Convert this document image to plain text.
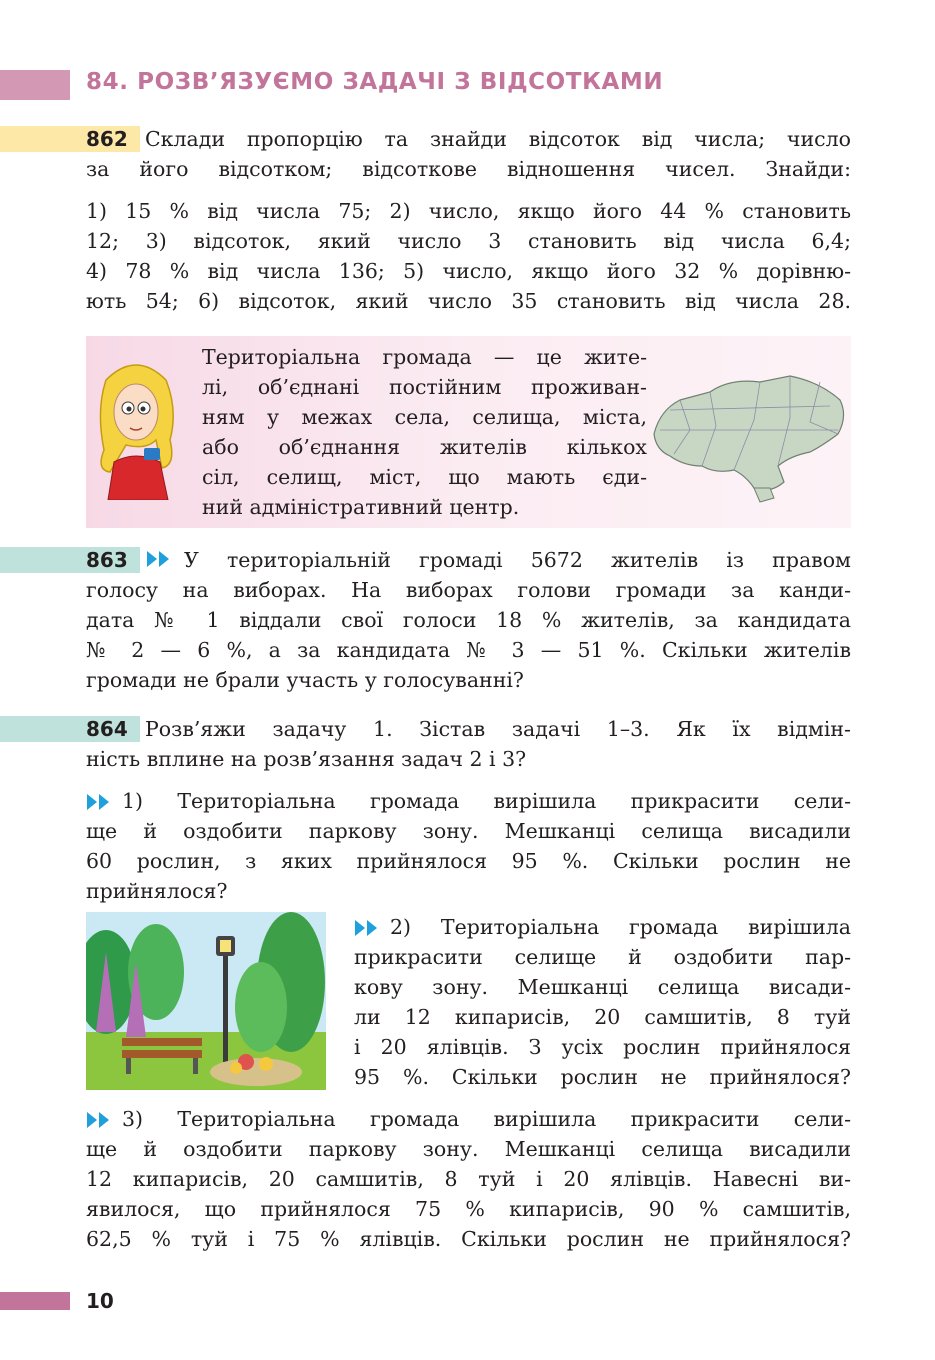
84. РОЗВ’ЯЗУЄМО ЗАДАЧІ З ВІДСОТКАМИ
862 Склади пропорцію та знайди відсоток від числа; число
за його відсотком; відсоткове відношення чисел. Знайди:
1) 15 % від числа 75; 2) число, якщо його 44 % становить
12; 3) відсоток, який число 3 становить від числа 6,4;
4) 78 % від числа 136; 5) число, якщо його 32 % дорівню-
ють 54; 6) відсоток, який число 35 становить від числа 28.
Територіальна громада — це жите-
лі, об’єднані постійним проживан-
ням у межах села, селища, міста,
або об’єднання жителів кількох
сіл, селищ, міст, що мають єди-
ний адміністративний центр.
863	У територіальній громаді 5672 жителів із правом
голосу на виборах. На виборах голови громади за канди-
дата № 1 віддали свої голоси 18 % жителів, за кандидата
№ 2 — 6 %, а за кандидата № 3 — 51 %. Скільки жителів
громади не брали участь у голосуванні?
864 Розв’яжи задачу 1. Зістав задачі 1–3. Як їх відмін-
ність вплине на розв’язання задач 2 і 3?
1) Територіальна громада вирішила прикрасити сели-
ще й оздобити паркову зону. Мешканці селища висадили
60 рослин, з яких прийнялося 95 %. Скільки рослин не
прийнялося?
2) Територіальна громада вирішила
прикрасити селище й оздобити пар-
кову зону. Мешканці селища висади-
ли 12 кипарисів, 20 самшитів, 8 туй
і 20 ялівців. З усіх рослин прийнялося
95 %. Скільки рослин не прийнялося?
3) Територіальна громада вирішила прикрасити сели-
ще й оздобити паркову зону. Мешканці селища висадили
12 кипарисів, 20 самшитів, 8 туй і 20 ялівців. Навесні ви-
явилося, що прийнялося 75 % кипарисів, 90 % самшитів,
62,5 % туй і 75 % ялівців. Скільки рослин не прийнялося?
10
